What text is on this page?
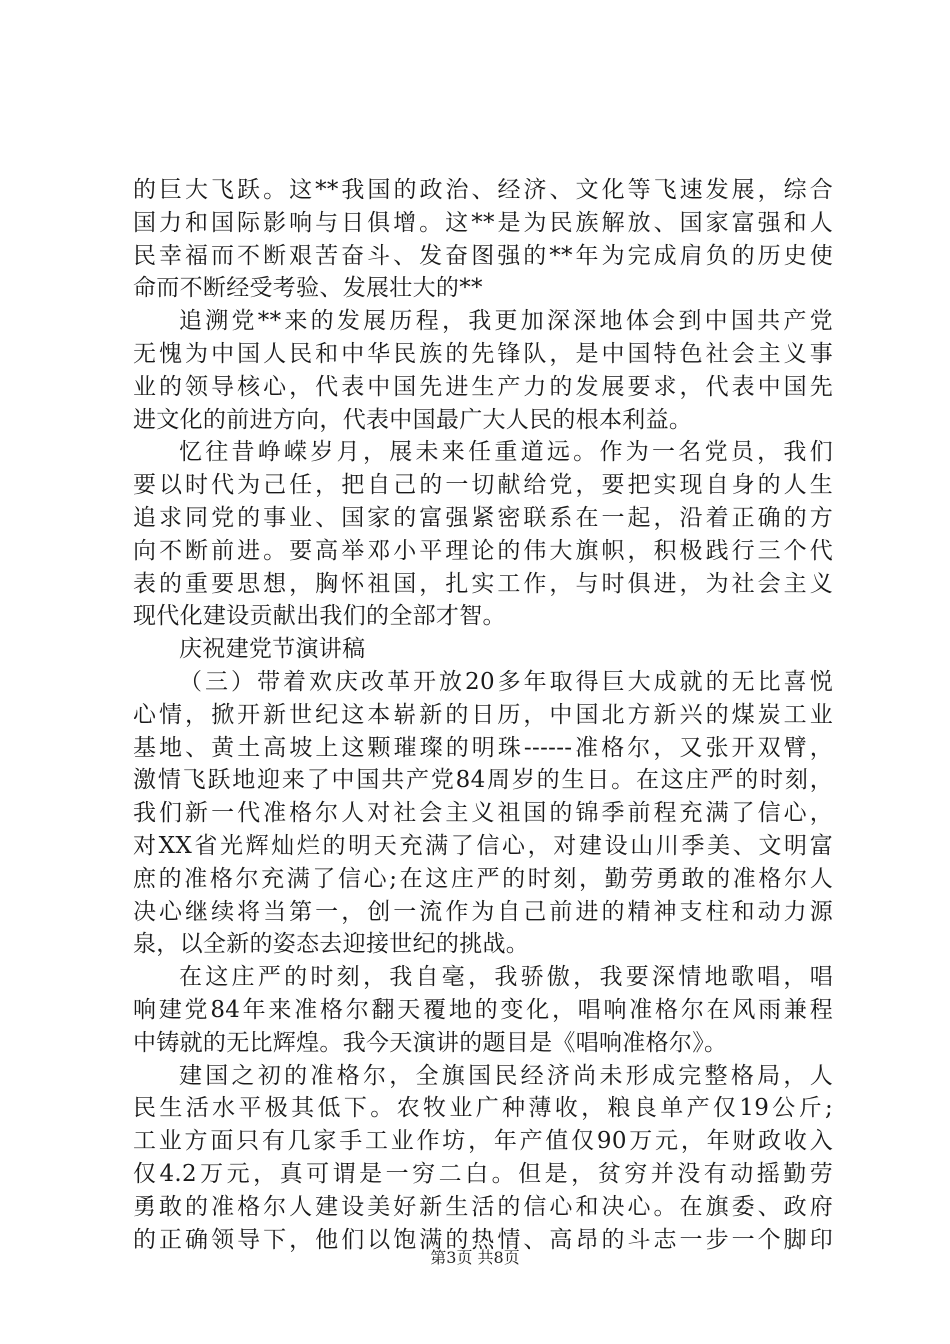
的巨大飞跃。这**我国的政治、经济、文化等飞速发展，综合
国力和国际影响与日俱增。这**是为民族解放、国家富强和人
民幸福而不断艰苦奋斗、发奋图强的**年为完成肩负的历史使
命而不断经受考验、发展壮大的**
追溯党**来的发展历程，我更加深深地体会到中国共产党
无愧为中国人民和中华民族的先锋队，是中国特色社会主义事
业的领导核心，代表中国先进生产力的发展要求，代表中国先
进文化的前进方向，代表中国最广大人民的根本利益。
忆往昔峥嵘岁月，展未来任重道远。作为一名党员，我们
要以时代为己任，把自己的一切献给党，要把实现自身的人生
追求同党的事业、国家的富强紧密联系在一起，沿着正确的方
向不断前进。要高举邓小平理论的伟大旗帜，积极践行三个代
表的重要思想，胸怀祖国，扎实工作，与时俱进，为社会主义
现代化建设贡献出我们的全部才智。
庆祝建党节演讲稿
（三）带着欢庆改革开放20多年取得巨大成就的无比喜悦
心情，掀开新世纪这本崭新的日历，中国北方新兴的煤炭工业
基地、黄土高坡上这颗璀璨的明珠------准格尔，又张开双臂，
激情飞跃地迎来了中国共产党84周岁的生日。在这庄严的时刻，
我们新一代准格尔人对社会主义祖国的锦季前程充满了信心，
对XX省光辉灿烂的明天充满了信心，对建设山川季美、文明富
庶的准格尔充满了信心;在这庄严的时刻，勤劳勇敢的准格尔人
决心继续将当第一，创一流作为自己前进的精神支柱和动力源
泉，以全新的姿态去迎接世纪的挑战。
在这庄严的时刻，我自毫，我骄傲，我要深情地歌唱，唱
响建党84年来准格尔翻天覆地的变化，唱响准格尔在风雨兼程
中铸就的无比辉煌。我今天演讲的题目是《唱响准格尔》。
建国之初的准格尔，全旗国民经济尚未形成完整格局，人
民生活水平极其低下。农牧业广种薄收，粮良单产仅19公斤;
工业方面只有几家手工业作坊，年产值仅90万元，年财政收入
仅4.2万元，真可谓是一穷二白。但是，贫穷并没有动摇勤劳
勇敢的准格尔人建设美好新生活的信心和决心。在旗委、政府
的正确领导下，他们以饱满的热情、高昂的斗志一步一个脚印
第3页 共8页
